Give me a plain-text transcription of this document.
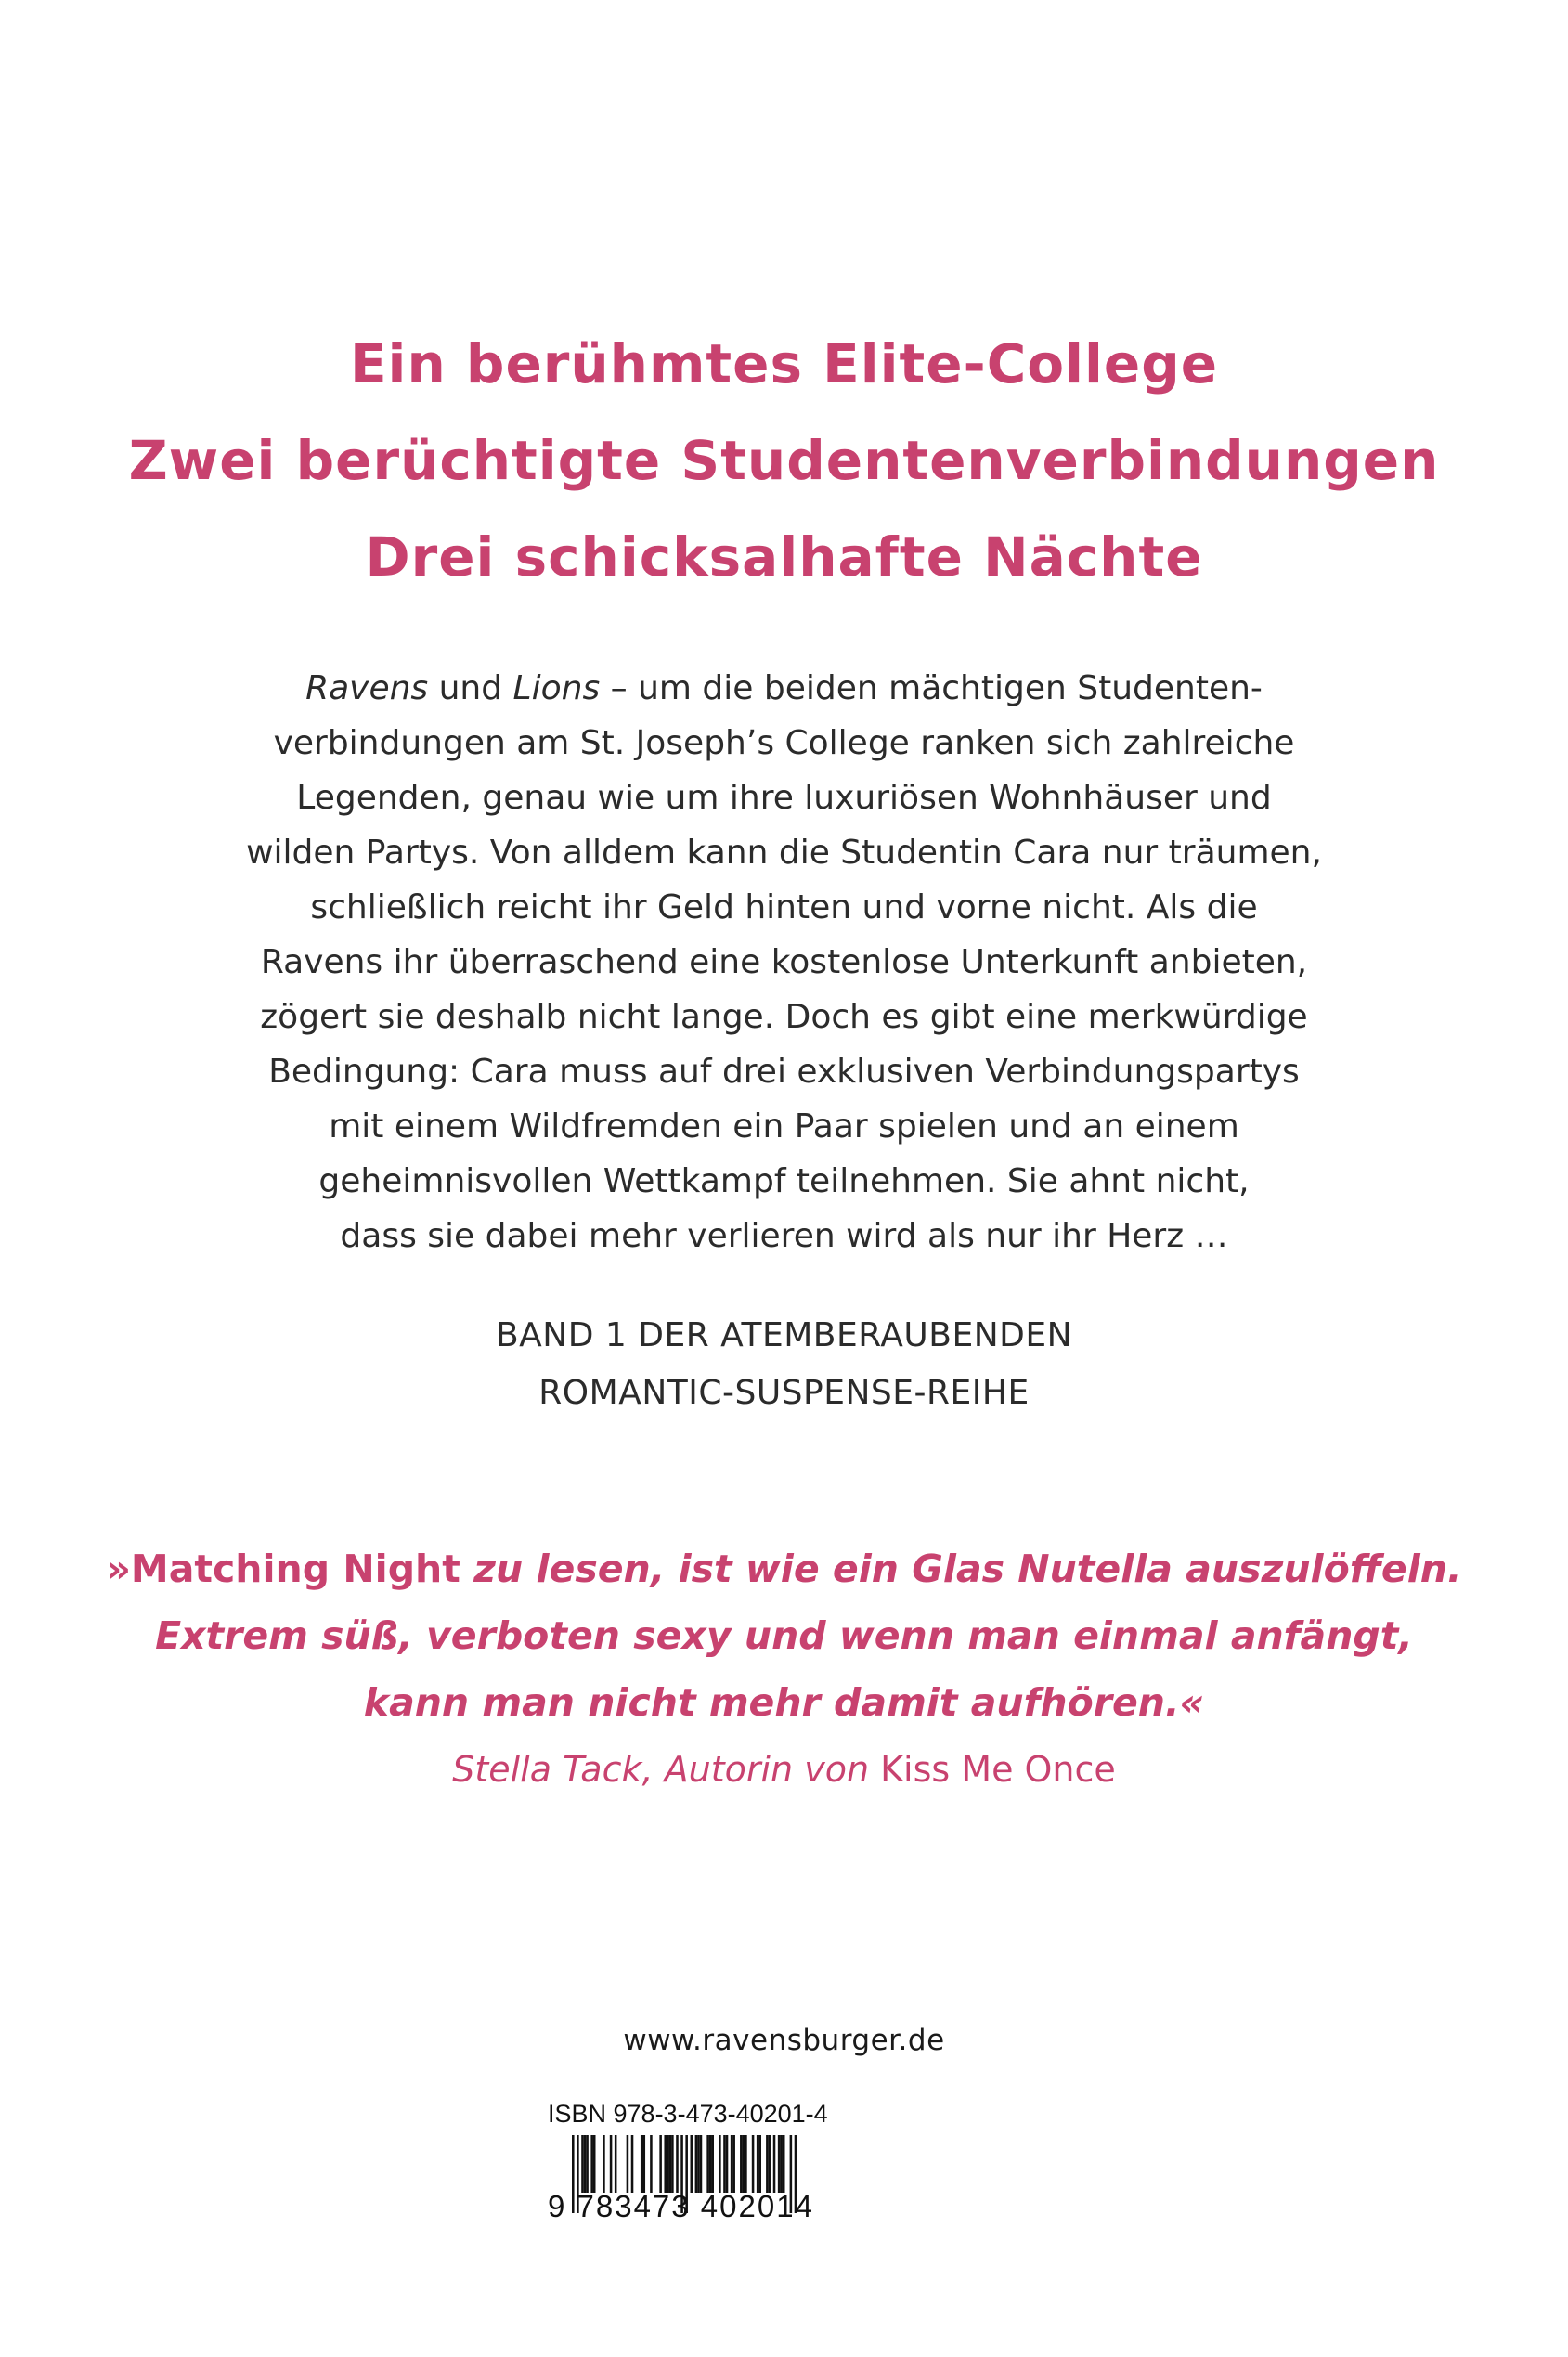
Ein berühmtes Elite-College
Zwei berüchtigte Studentenverbindungen
Drei schicksalhafte Nächte
Ravens und Lions – um die beiden mächtigen Studenten-
verbindungen am St. Joseph’s College ranken sich zahlreiche
Legenden, genau wie um ihre luxuriösen Wohnhäuser und
wilden Partys. Von alldem kann die Studentin Cara nur träumen,
schließlich reicht ihr Geld hinten und vorne nicht. Als die
Ravens ihr überraschend eine kostenlose Unterkunft anbieten,
zögert sie deshalb nicht lange. Doch es gibt eine merkwürdige
Bedingung: Cara muss auf drei exklusiven Verbindungspartys
mit einem Wildfremden ein Paar spielen und an einem
geheimnisvollen Wettkampf teilnehmen. Sie ahnt nicht,
dass sie dabei mehr verlieren wird als nur ihr Herz …
BAND 1 DER ATEMBERAUBENDEN
ROMANTIC-SUSPENSE-REIHE
»Matching Night zu lesen, ist wie ein Glas Nutella auszulöffeln.
Extrem süß, verboten sexy und wenn man einmal anfängt,
kann man nicht mehr damit aufhören.«
Stella Tack, Autorin von Kiss Me Once
www.ravensburger.de
ISBN 978-3-473-40201-4
9 783473 402014
